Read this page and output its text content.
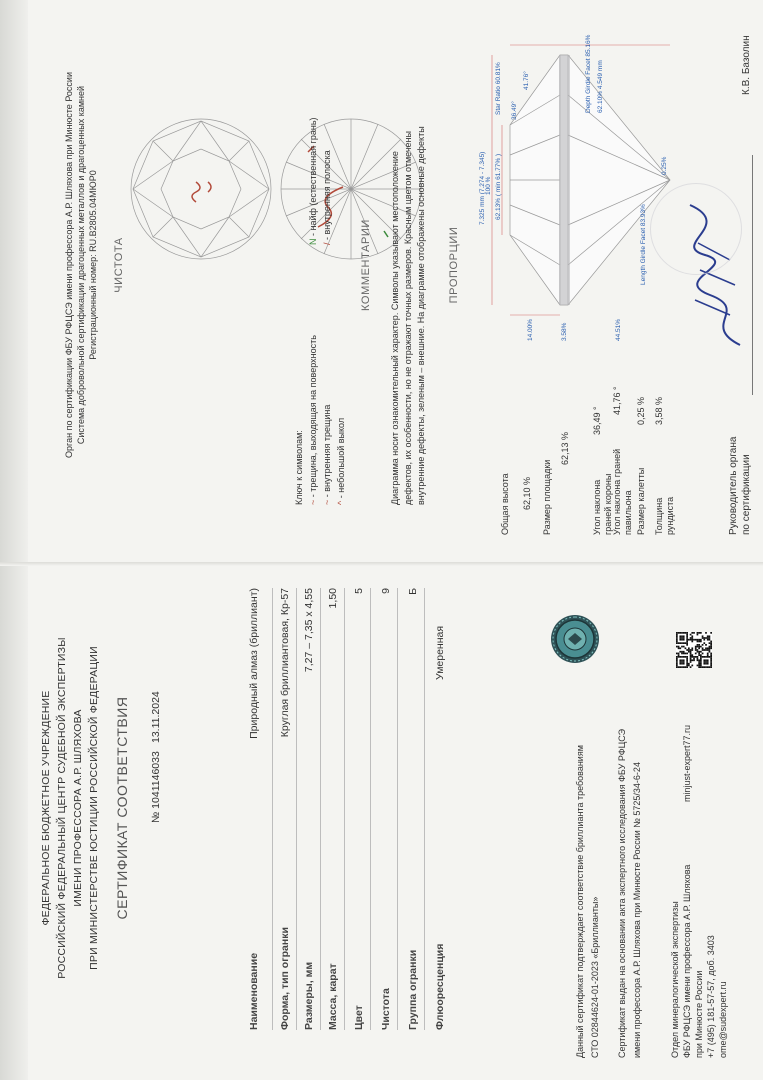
ФЕДЕРАЛЬНОЕ БЮДЖЕТНОЕ УЧРЕЖДЕНИЕ РОССИЙСКИЙ ФЕДЕРАЛЬНЫЙ ЦЕНТР СУДЕБНОЙ ЭКСПЕРТИЗЫ ИМЕНИ ПРОФЕССОРА А.Р. ШЛЯХОВА ПРИ МИНИСТЕРСТВЕ ЮСТИЦИИ РОССИЙСКОЙ ФЕДЕРАЦИИ СЕРТИФИКАТ СООТВЕТСТВИЯ № 1041146033
13.11.2024
Наименование
Природный алмаз (бриллиант)
Форма, тип огранки
Круглая бриллиантовая, Кр-57
Размеры, мм
7,27 – 7,35 х 4,55
Масса, карат
1,50
Цвет
5
Чистота
9
Группа огранки
Б
Флюоресценция
Умеренная
Данный сертификат подтверждает соответствие бриллианта требованиям СТО 02844624-01-2023 «Бриллианты» Сертификат выдан на основании акта экспертного исследования ФБУ РФЦСЭ имени профессора А.Р. Шляхова при Минюсте России № 5725/34-6-24	minjust-expert77.ru
Отдел минералогической экспертизы ФБУ РФЦСЭ имени профессора А.Р. Шляхова при Минюсте России +7 (495) 181-57-57, доб. 3403 ome@sudexpert.ru
Орган по сертификации ФБУ РФЦСЭ имени профессора А.Р. Шляхова при Минюсте России Система добровольной сертификации драгоценных металлов и драгоценных камней Регистрационный номер: RU.B2805.04МЮР0 ЧИСТОТА
Ключ к символам: ~ - трещина, выходящая на поверхность
~ - внутренняя трещина
^ - небольшой выкол
N - найф (естественная грань)
/ - внутренняя полоска
КОММЕНТАРИИ Диаграмма носит ознакомительный характер. Символы указывают местоположение дефектов, их особенности, но не отражают точных размеров. Красным цветом отмечены внутренние дефекты, зеленым – внешние. На диаграмме отображены основные дефекты ПРОПОРЦИИ
Общая высота 62,10 % Размер площадки
62,13 %
Угол наклона граней короны
36,49 °
Угол наклона граней павильона
41,76 °
Размер калетты
0,25 %
Толщина рундиста
3,58 %
7.325 mm (7.274 - 7.345) 100 % 62.13% ( min 61.77% )
Star Ratio 60.81% 36.49°
41.76°	Depth Girdle Facet 85.16% 62.10% 4.549 mm
14.00%	3.58%	44.51%
Length Girdle Facet 83.93%
0.25%
Руководитель органа по сертификации
К.В. Базолин
